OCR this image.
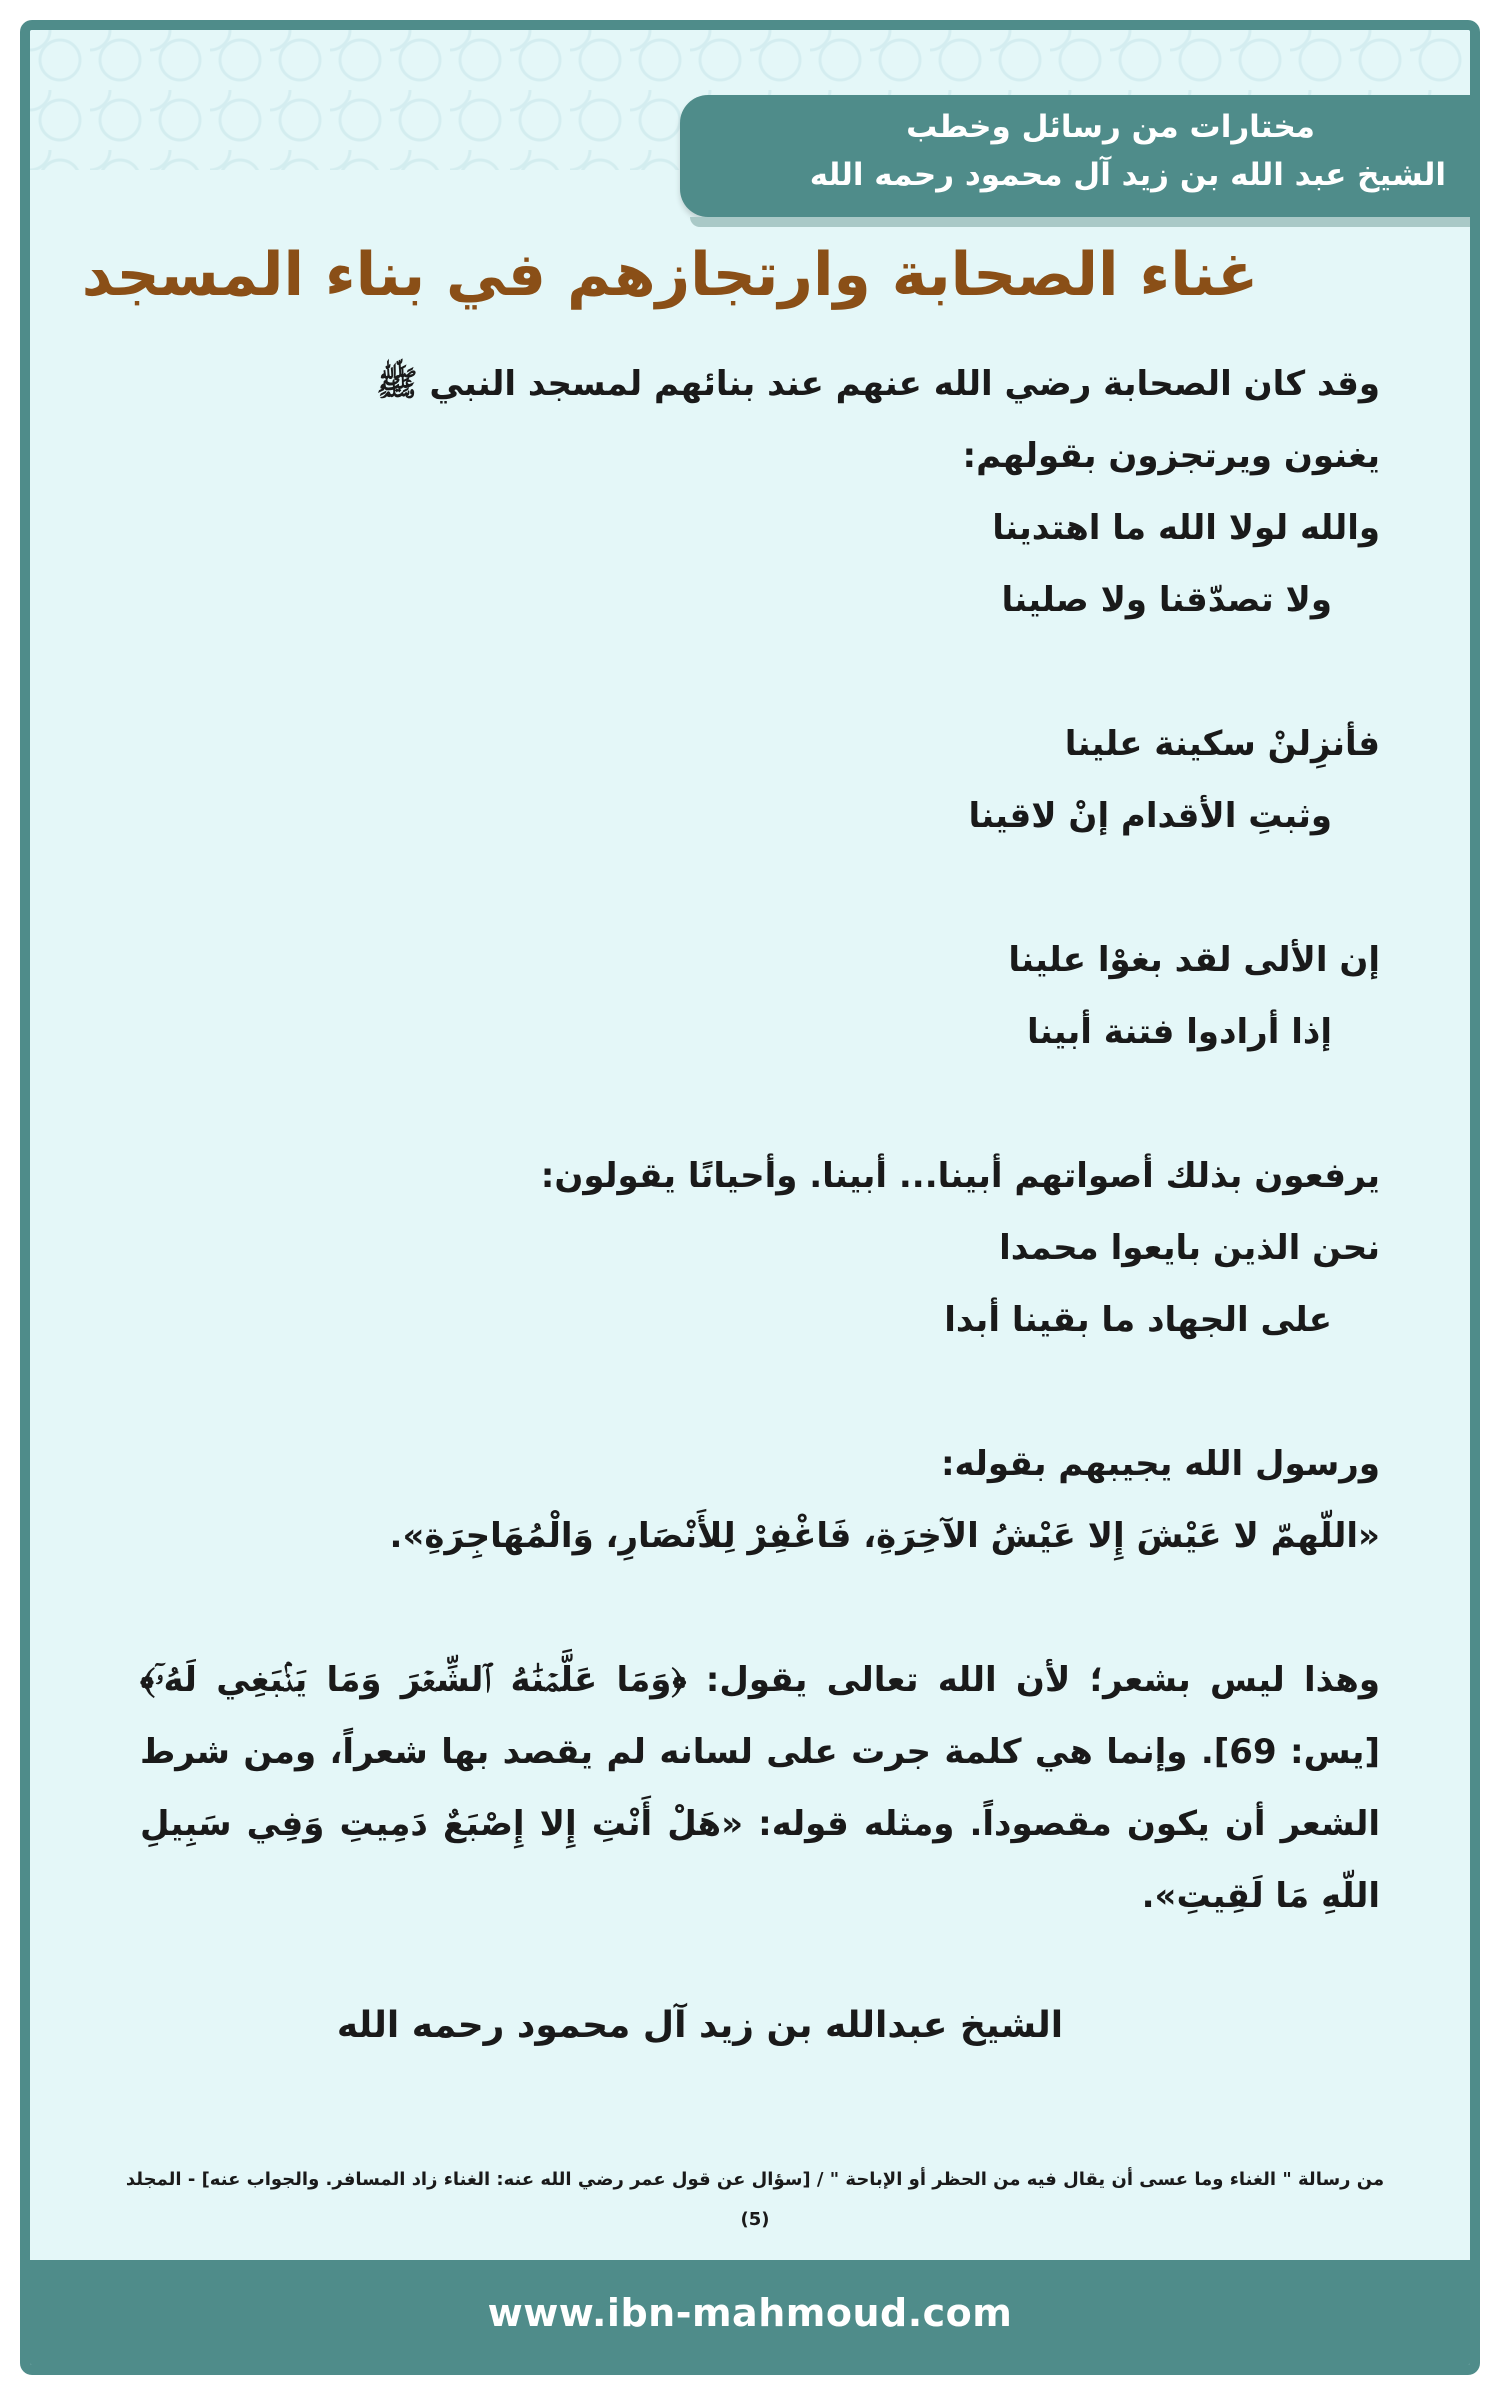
مختارات من رسائل وخطب
الشيخ عبد الله بن زيد آل محمود رحمه الله
غناء الصحابة وارتجازهم في بناء المسجد
وقد كان الصحابة رضي الله عنهم عند بنائهم لمسجد النبي ﷺ
يغنون ويرتجزون بقولهم:
والله لولا الله ما اهتدينا
ولا تصدّقنا ولا صلينا
فأنزِلنْ سكينة علينا
وثبتِ الأقدام إنْ لاقينا
إن الألى لقد بغوْا علينا
إذا أرادوا فتنة أبينا
يرفعون بذلك أصواتهم أبينا... أبينا. وأحيانًا يقولون:
نحن الذين بايعوا محمدا
على الجهاد ما بقينا أبدا
ورسول الله يجيبهم بقوله:
«اللّهمّ لا عَيْشَ إِلا عَيْشُ الآخِرَةِ، فَاغْفِرْ لِلأَنْصَارِ، وَالْمُهَاجِرَةِ».
وهذا ليس بشعر؛ لأن الله تعالى يقول: ﴿وَمَا عَلَّمۡنَٰهُ ٱلشِّعۡرَ وَمَا يَنۢبَغِي لَهُۥٓ﴾ [يس: 69]. وإنما هي كلمة جرت على لسانه لم يقصد بها شعراً، ومن شرط الشعر أن يكون مقصوداً. ومثله قوله: «هَلْ أَنْتِ إِلا إِصْبَعٌ دَمِيتِ وَفِي سَبِيلِ اللّهِ مَا لَقِيتِ».
الشيخ عبدالله بن زيد آل محمود رحمه الله
من رسالة " الغناء وما عسى أن يقال فيه من الحظر أو الإباحة " / [سؤال عن قول عمر رضي الله عنه: الغناء زاد المسافر. والجواب عنه] - المجلد (5)
www.ibn-mahmoud.com
